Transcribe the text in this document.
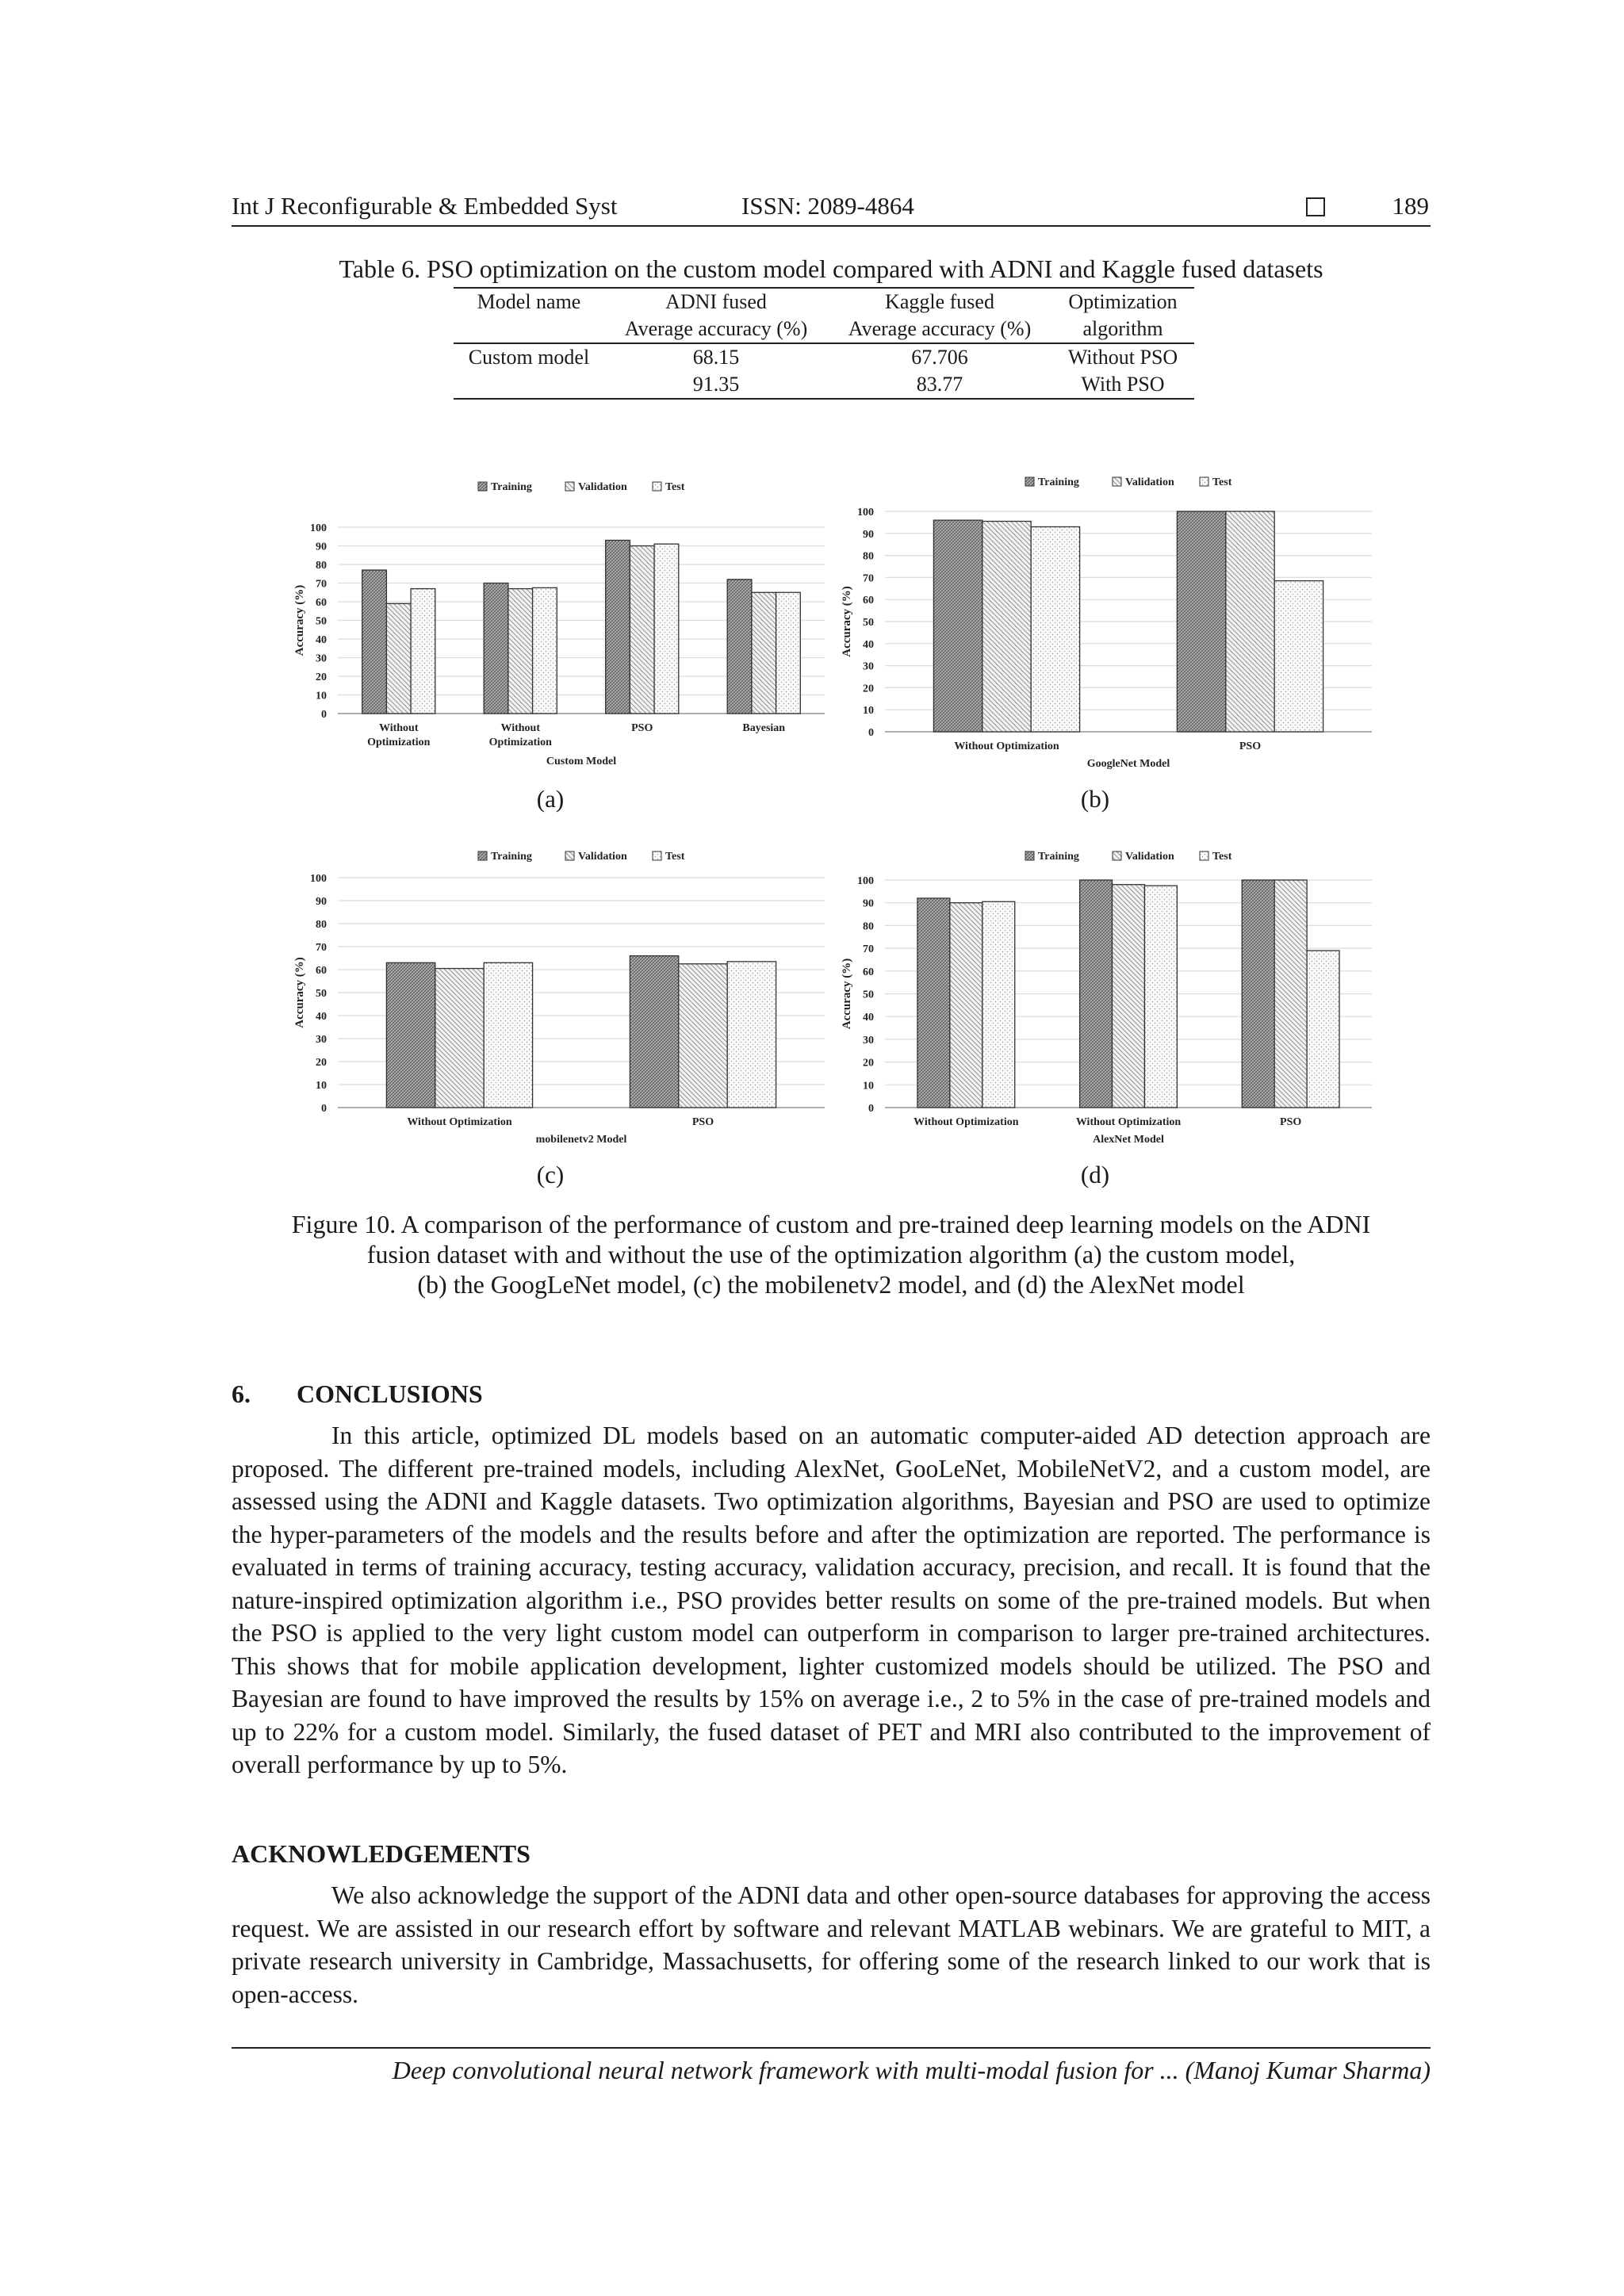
Int J Reconfigurable & Embedded Syst	ISSN: 2089-4864	189
Table 6. PSO optimization on the custom model compared with ADNI and Kaggle fused datasets
Model name	ADNI fused	Kaggle fused	Optimization
	Average accuracy (%)	Average accuracy (%)	algorithm

Custom model	68.15	67.706	Without PSO
	91.35	83.77	With PSO
0
10
20
30
40
50
60
70
80
90
100
Accuracy (%)
Without
Optimization
Without
Optimization
PSO	Bayesian
Custom Model
Training	Validation	Test
0
10
20
30
40
50
60
70
80
90
100
Accuracy (%)
Without Optimization	PSO
GoogleNet Model
Training	Validation	Test
0
10
20
30
40
50
60
70
80
90
100
Accuracy (%)
Without Optimization	PSO
mobilenetv2 Model
Training	Validation	Test
0
10
20
30
40
50
60
70
80
90
100
Accuracy (%)
Without Optimization	Without Optimization	PSO
AlexNet Model
Training	Validation	Test
(a)	(b)
(c)	(d)
Figure 10. A comparison of the performance of custom and pre-trained deep learning models on the ADNI
fusion dataset with and without the use of the optimization algorithm (a) the custom model,
(b) the GoogLeNet model, (c) the mobilenetv2 model, and (d) the AlexNet model
6. CONCLUSIONS

In this article, optimized DL models based on an automatic computer-aided AD detection approach are proposed. The different pre-trained models, including AlexNet, GooLeNet, MobileNetV2, and a custom model, are assessed using the ADNI and Kaggle datasets. Two optimization algorithms, Bayesian and PSO are used to optimize the hyper-parameters of the models and the results before and after the optimization are reported. The performance is evaluated in terms of training accuracy, testing accuracy, validation accuracy, precision, and recall. It is found that the nature-inspired optimization algorithm i.e., PSO provides better results on some of the pre-trained models. But when the PSO is applied to the very light custom model can outperform in comparison to larger pre-trained architectures. This shows that for mobile application development, lighter customized models should be utilized. The PSO and Bayesian are found to have improved the results by 15% on average i.e., 2 to 5% in the case of pre-trained models and up to 22% for a custom model. Similarly, the fused dataset of PET and MRI also contributed to the improvement of overall performance by up to 5%.

ACKNOWLEDGEMENTS

We also acknowledge the support of the ADNI data and other open-source databases for approving the access request. We are assisted in our research effort by software and relevant MATLAB webinars. We are grateful to MIT, a private research university in Cambridge, Massachusetts, for offering some of the research linked to our work that is open-access.

Deep convolutional neural network framework with multi-modal fusion for ... (Manoj Kumar Sharma)
